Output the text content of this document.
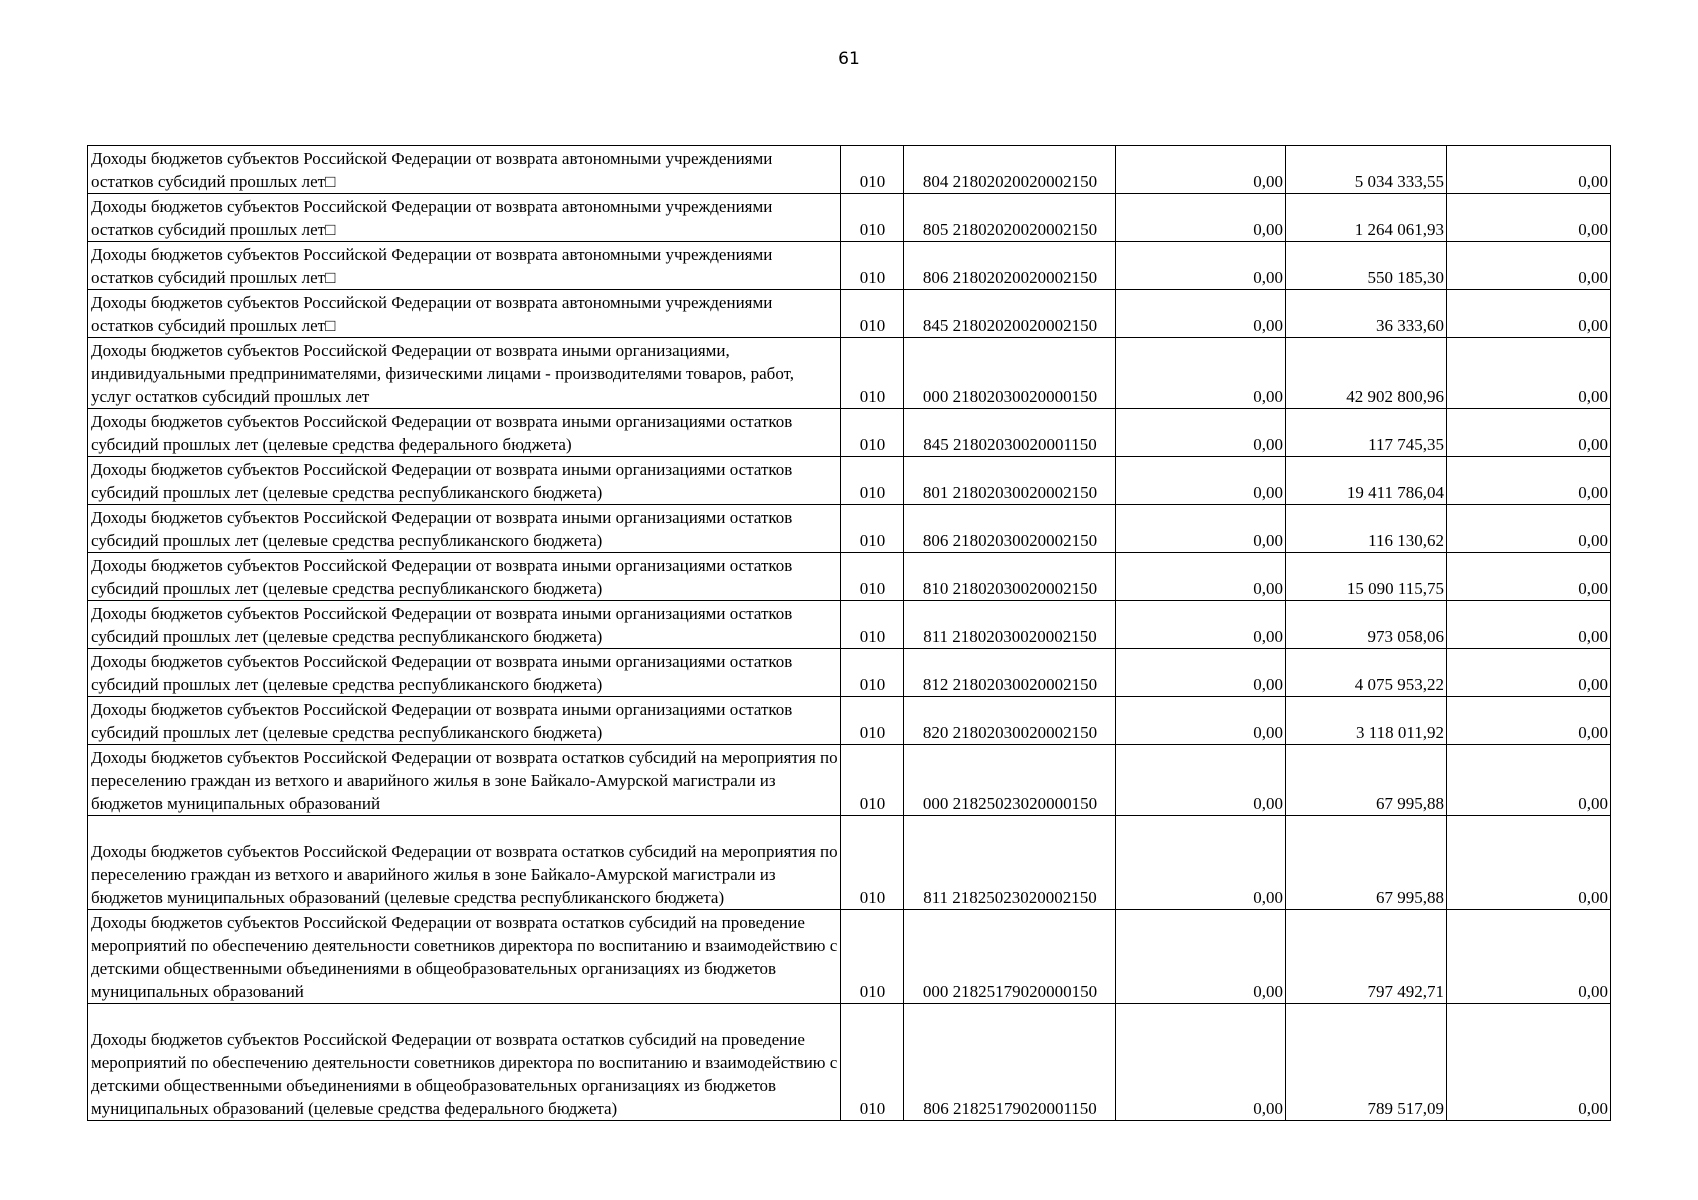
61
Доходы бюджетов субъектов Российской Федерации от возврата автономными учреждениями остатков субсидий прошлых лет□	010	804 21802020020002150	0,00	5 034 333,55	0,00
Доходы бюджетов субъектов Российской Федерации от возврата автономными учреждениями остатков субсидий прошлых лет□	010	805 21802020020002150	0,00	1 264 061,93	0,00
Доходы бюджетов субъектов Российской Федерации от возврата автономными учреждениями остатков субсидий прошлых лет□	010	806 21802020020002150	0,00	550 185,30	0,00
Доходы бюджетов субъектов Российской Федерации от возврата автономными учреждениями остатков субсидий прошлых лет□	010	845 21802020020002150	0,00	36 333,60	0,00
Доходы бюджетов субъектов Российской Федерации от возврата иными организациями, индивидуальными предпринимателями, физическими лицами - производителями товаров, работ, услуг остатков субсидий прошлых лет	010	000 21802030020000150	0,00	42 902 800,96	0,00
Доходы бюджетов субъектов Российской Федерации от возврата иными организациями остатков субсидий прошлых лет (целевые средства федерального бюджета)	010	845 21802030020001150	0,00	117 745,35	0,00
Доходы бюджетов субъектов Российской Федерации от возврата иными организациями остатков субсидий прошлых лет (целевые средства республиканского бюджета)	010	801 21802030020002150	0,00	19 411 786,04	0,00
Доходы бюджетов субъектов Российской Федерации от возврата иными организациями остатков субсидий прошлых лет (целевые средства республиканского бюджета)	010	806 21802030020002150	0,00	116 130,62	0,00
Доходы бюджетов субъектов Российской Федерации от возврата иными организациями остатков субсидий прошлых лет (целевые средства республиканского бюджета)	010	810 21802030020002150	0,00	15 090 115,75	0,00
Доходы бюджетов субъектов Российской Федерации от возврата иными организациями остатков субсидий прошлых лет (целевые средства республиканского бюджета)	010	811 21802030020002150	0,00	973 058,06	0,00
Доходы бюджетов субъектов Российской Федерации от возврата иными организациями остатков субсидий прошлых лет (целевые средства республиканского бюджета)	010	812 21802030020002150	0,00	4 075 953,22	0,00
Доходы бюджетов субъектов Российской Федерации от возврата иными организациями остатков субсидий прошлых лет (целевые средства республиканского бюджета)	010	820 21802030020002150	0,00	3 118 011,92	0,00
Доходы бюджетов субъектов Российской Федерации от возврата остатков субсидий на мероприятия по переселению граждан из ветхого и аварийного жилья в зоне Байкало-Амурской магистрали из бюджетов муниципальных образований	010	000 21825023020000150	0,00	67 995,88	0,00
Доходы бюджетов субъектов Российской Федерации от возврата остатков субсидий на мероприятия по переселению граждан из ветхого и аварийного жилья в зоне Байкало-Амурской магистрали из бюджетов муниципальных образований (целевые средства республиканского бюджета)	010	811 21825023020002150	0,00	67 995,88	0,00
Доходы бюджетов субъектов Российской Федерации от возврата остатков субсидий на проведение мероприятий по обеспечению деятельности советников директора по воспитанию и взаимодействию с детскими общественными объединениями в общеобразовательных организациях из бюджетов муниципальных образований	010	000 21825179020000150	0,00	797 492,71	0,00
Доходы бюджетов субъектов Российской Федерации от возврата остатков субсидий на проведение мероприятий по обеспечению деятельности советников директора по воспитанию и взаимодействию с детскими общественными объединениями в общеобразовательных организациях из бюджетов муниципальных образований (целевые средства федерального бюджета)	010	806 21825179020001150	0,00	789 517,09	0,00
